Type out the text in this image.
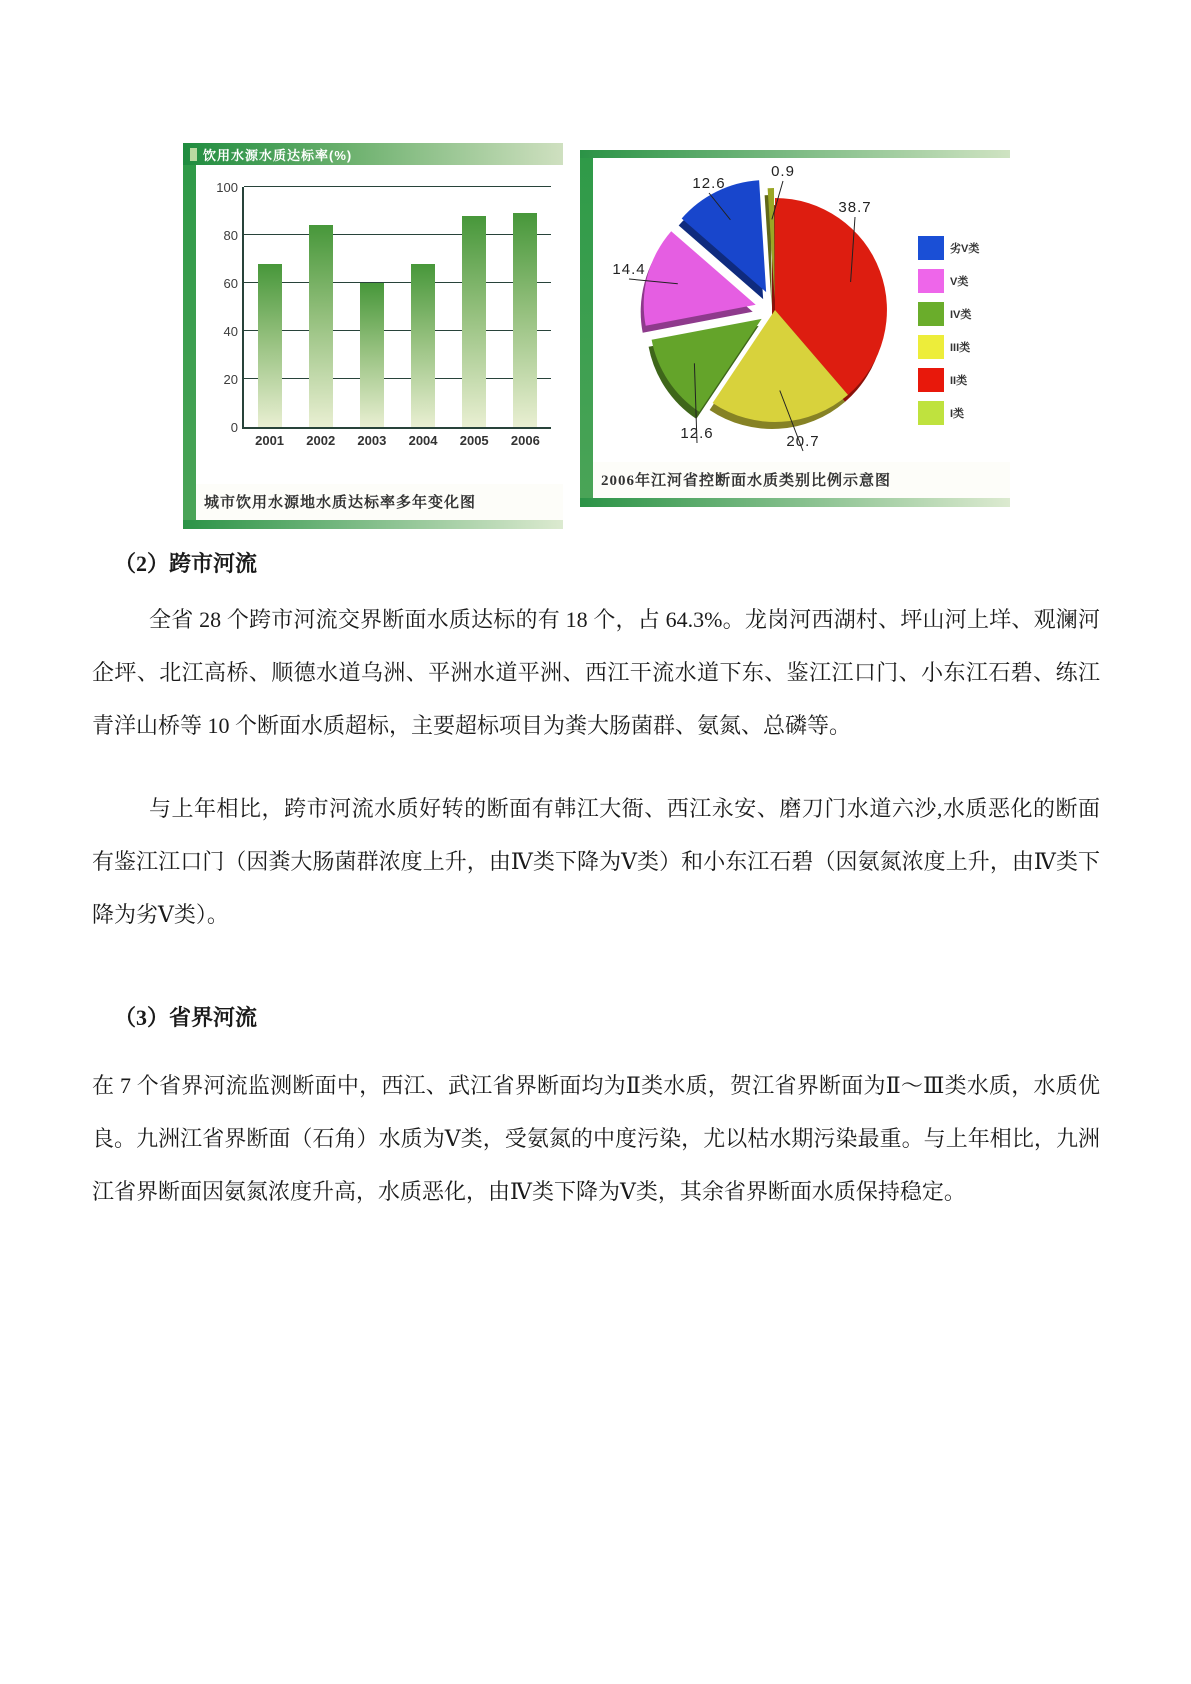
饮用水源水质达标率(%)
0
20
40
60
80
100
2001 2002 2003 2004 2005 2006
城市饮用水源地水质达标率多年变化图
38.7
20.7
12.6
14.4
12.6
0.9
劣V类
V类
IV类
III类
II类
I类
2006年江河省控断面水质类别比例示意图
（2）跨市河流

全省 28 个跨市河流交界断面水质达标的有 18 个，占 64.3%。龙岗河西湖村、坪山河上垟、观澜河企坪、北江高桥、顺德水道乌洲、平洲水道平洲、西江干流水道下东、鉴江江口门、小东江石碧、练江青洋山桥等 10 个断面水质超标，主要超标项目为粪大肠菌群、氨氮、总磷等。

与上年相比，跨市河流水质好转的断面有韩江大衙、西江永安、磨刀门水道六沙,水质恶化的断面有鉴江江口门（因粪大肠菌群浓度上升，由Ⅳ类下降为Ⅴ类）和小东江石碧（因氨氮浓度上升，由Ⅳ类下降为劣Ⅴ类）。

（3）省界河流

在 7 个省界河流监测断面中，西江、武江省界断面均为Ⅱ类水质，贺江省界断面为Ⅱ～Ⅲ类水质，水质优良。九洲江省界断面（石角）水质为Ⅴ类，受氨氮的中度污染，尤以枯水期污染最重。与上年相比，九洲江省界断面因氨氮浓度升高，水质恶化，由Ⅳ类下降为Ⅴ类，其余省界断面水质保持稳定。
